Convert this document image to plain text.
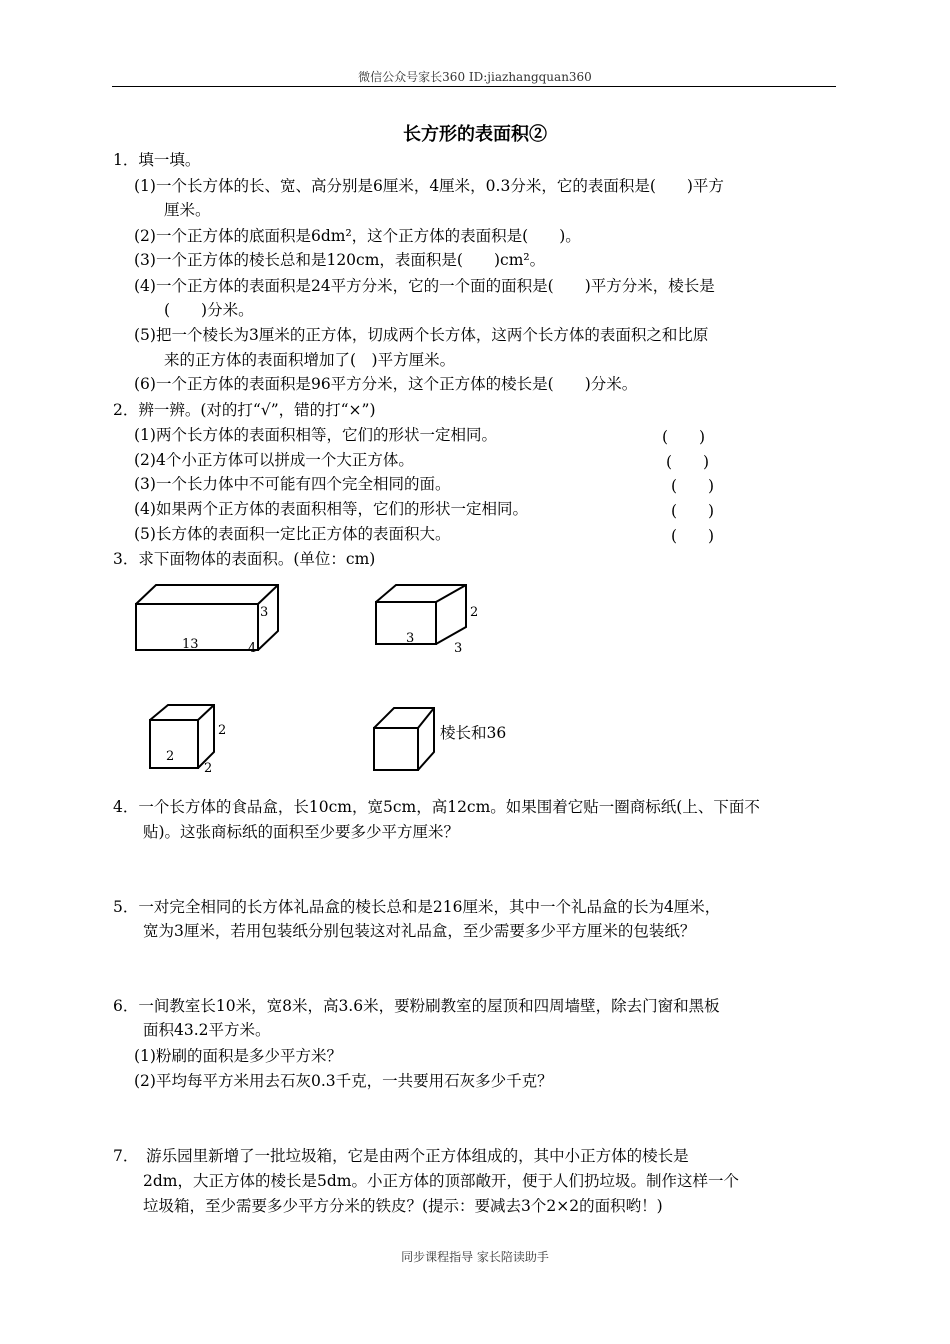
微信公众号家长360 ID:jiazhangquan360
长方形的表面积②
1．填一填。
(1)一个长方体的长、宽、高分别是6厘米，4厘米，0.3分米，它的表面积是(　　)平方
厘米。
(2)一个正方体的底面积是6dm²，这个正方体的表面积是(　　)。
(3)一个正方体的棱长总和是120cm，表面积是(　　)cm²。
(4)一个正方体的表面积是24平方分米，它的一个面的面积是(　　)平方分米，棱长是
(　　)分米。
(5)把一个棱长为3厘米的正方体，切成两个长方体，这两个长方体的表面积之和比原
来的正方体的表面积增加了(　)平方厘米。
(6)一个正方体的表面积是96平方分米，这个正方体的棱长是(　　)分米。
2．辨一辨。(对的打“√”，错的打“×”)
(1)两个长方体的表面积相等，它们的形状一定相同。	(　　)
(2)4个小正方体可以拼成一个大正方体。	(　　)
(3)一个长力体中不可能有四个完全相同的面。	(　　)
(4)如果两个正方体的表面积相等，它们的形状一定相同。	(　　)
(5)长方体的表面积一定比正方体的表面积大。	(　　)
3．求下面物体的表面积。(单位：cm)
13	4
3
3
3
2
2
2
2	棱长和36
4．一个长方体的食品盒，长10cm，宽5cm，高12cm。如果围着它贴一圈商标纸(上、下面不
贴)。这张商标纸的面积至少要多少平方厘米？
5．一对完全相同的长方体礼品盒的棱长总和是216厘米，其中一个礼品盒的长为4厘米，
宽为3厘米，若用包装纸分别包装这对礼品盒，至少需要多少平方厘米的包装纸？
6．一间教室长10米，宽8米，高3.6米，要粉刷教室的屋顶和四周墙壁，除去门窗和黑板
面积43.2平方米。
(1)粉刷的面积是多少平方米？
(2)平均每平方米用去石灰0.3千克，一共要用石灰多少千克？
7．　游乐园里新增了一批垃圾箱，它是由两个正方体组成的，其中小正方体的棱长是
2dm，大正方体的棱长是5dm。小正方体的顶部敞开，便于人们扔垃圾。制作这样一个
垃圾箱，至少需要多少平方分米的铁皮？(提示：要减去3个2×2的面积哟！)
同步课程指导 家长陪读助手
